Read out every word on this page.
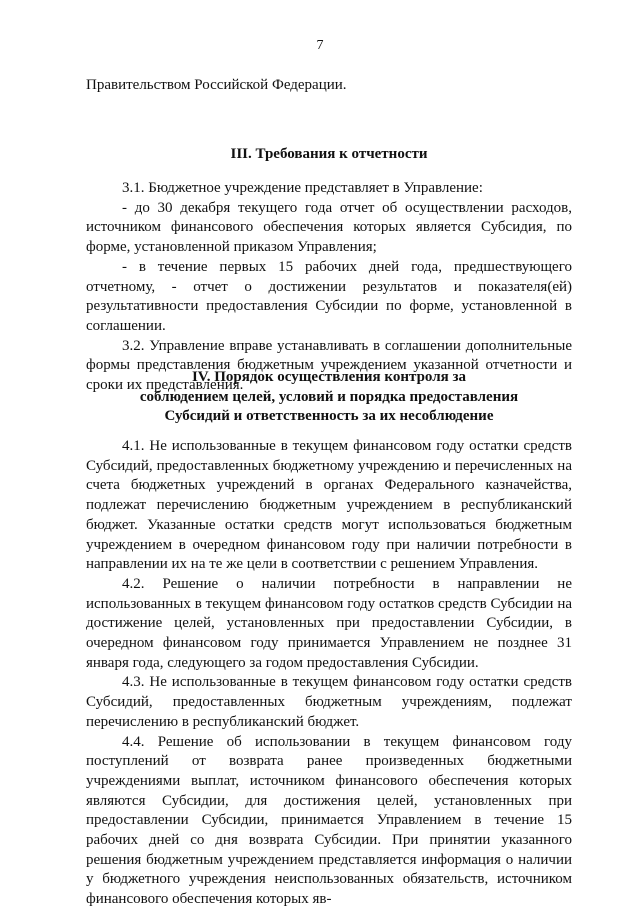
7

Правительством Российской Федерации.

III. Требования к отчетности

3.1. Бюджетное учреждение представляет в Управление:

- до 30 декабря текущего года отчет об осуществлении расходов, источником финансового обеспечения которых является Субсидия, по форме, установленной приказом Управления;

- в течение первых 15 рабочих дней года, предшествующего отчетному, - отчет о достижении результатов и показателя(ей) результативности предоставления Субсидии по форме, установленной в соглашении.

3.2. Управление вправе устанавливать в соглашении дополнительные формы представления бюджетным учреждением указанной отчетности и сроки их представления.

IV. Порядок осуществления контроля за

соблюдением целей, условий и порядка предоставления

Субсидий и ответственность за их несоблюдение

4.1. Не использованные в текущем финансовом году остатки средств Субсидий, предоставленных бюджетному учреждению и перечисленных на счета бюджетных учреждений в органах Федерального казначейства, подлежат перечислению бюджетным учреждением в республиканский бюджет. Указанные остатки средств могут использоваться бюджетным учреждением в очередном финансовом году при наличии потребности в направлении их на те же цели в соответствии с решением Управления.

4.2. Решение о наличии потребности в направлении не использованных в текущем финансовом году остатков средств Субсидии на достижение целей, установленных при предоставлении Субсидии, в очередном финансовом году принимается Управлением не позднее 31 января года, следующего за годом предоставления Субсидии.

4.3. Не использованные в текущем финансовом году остатки средств Субсидий, предоставленных бюджетным учреждениям, подлежат перечислению в республиканский бюджет.

4.4. Решение об использовании в текущем финансовом году поступлений от возврата ранее произведенных бюджетными учреждениями выплат, источником финансового обеспечения которых являются Субсидии, для достижения целей, установленных при предоставлении Субсидии, принимается Управлением в течение 15 рабочих дней со дня возврата Субсидии. При принятии указанного решения бюджетным учреждением представляется информация о наличии у бюджетного учреждения неиспользованных обязательств, источником финансового обеспечения которых яв-
